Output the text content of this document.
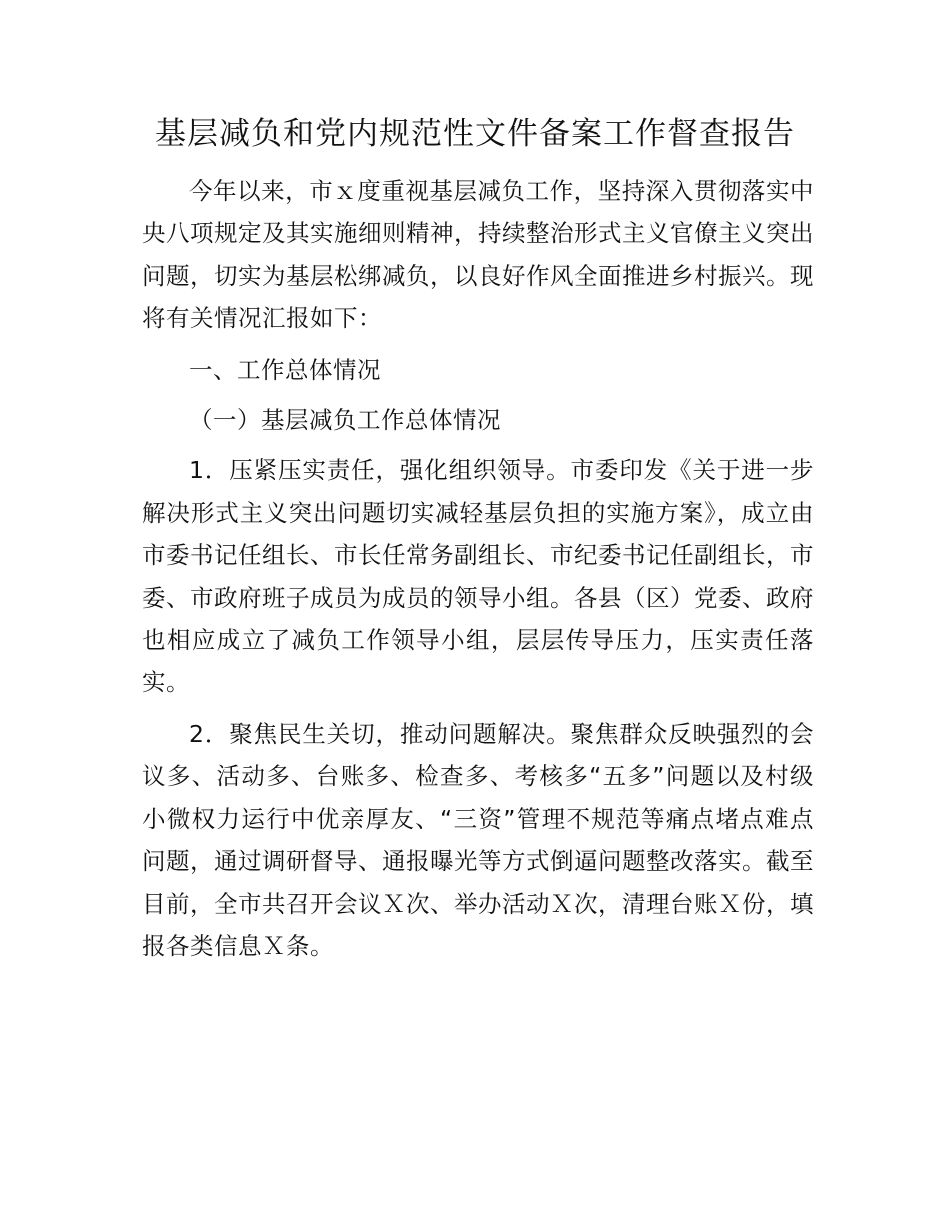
基层减负和党内规范性文件备案工作督查报告

今年以来，市ｘ度重视基层减负工作，坚持深入贯彻落实中央八项规定及其实施细则精神，持续整治形式主义官僚主义突出问题，切实为基层松绑减负，以良好作风全面推进乡村振兴。现将有关情况汇报如下：

一、工作总体情况

（一）基层减负工作总体情况

1．压紧压实责任，强化组织领导。市委印发《关于进一步解决形式主义突出问题切实减轻基层负担的实施方案》，成立由市委书记任组长、市长任常务副组长、市纪委书记任副组长，市委、市政府班子成员为成员的领导小组。各县（区）党委、政府也相应成立了减负工作领导小组，层层传导压力，压实责任落实。

2．聚焦民生关切，推动问题解决。聚焦群众反映强烈的会议多、活动多、台账多、检查多、考核多“五多”问题以及村级小微权力运行中优亲厚友、“三资”管理不规范等痛点堵点难点问题，通过调研督导、通报曝光等方式倒逼问题整改落实。截至目前，全市共召开会议Ｘ次、举办活动Ｘ次，清理台账Ｘ份，填报各类信息Ｘ条。
